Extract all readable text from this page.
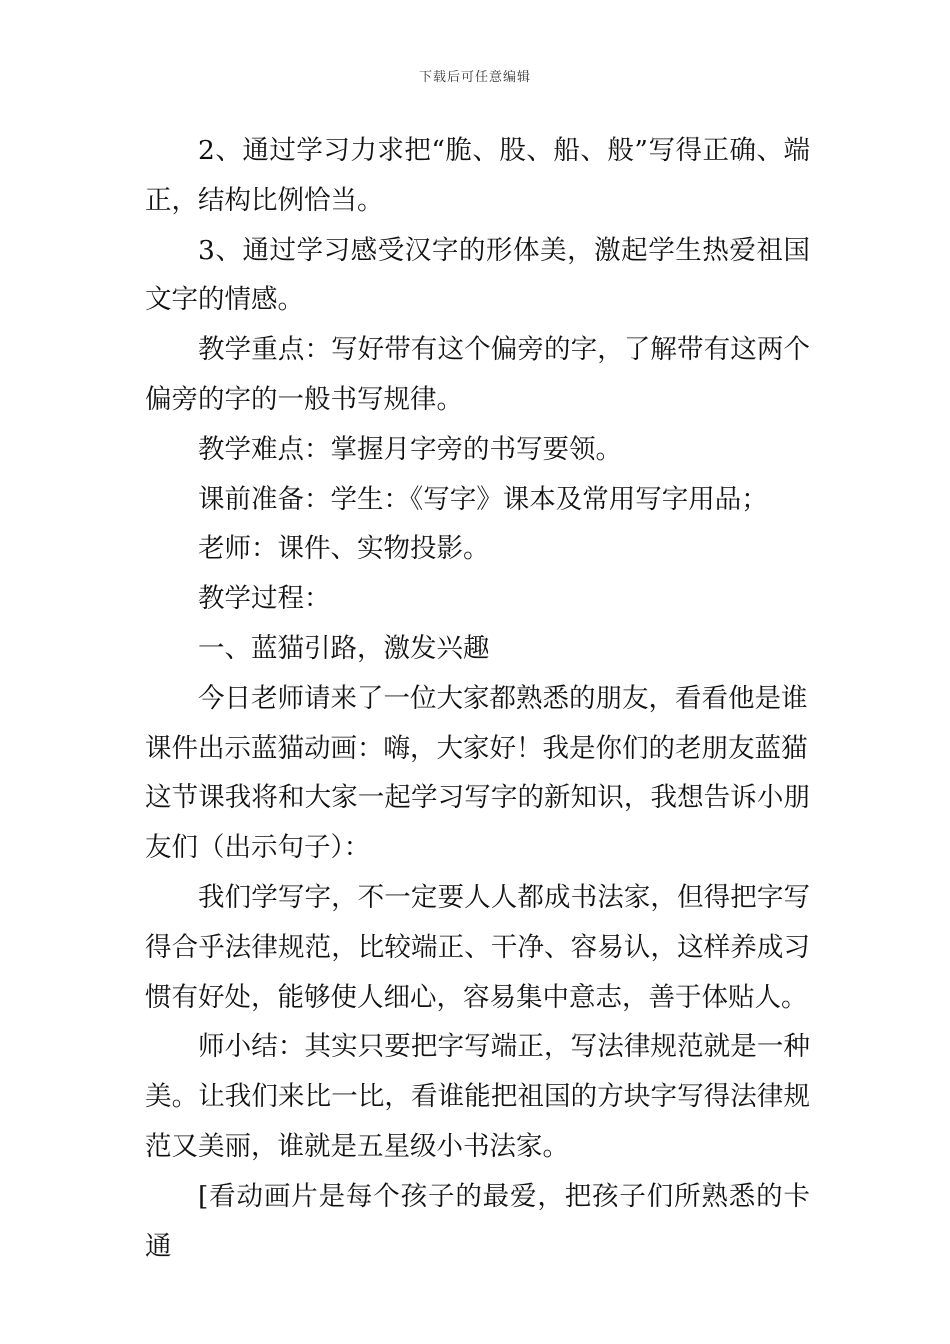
下载后可任意编辑

2、通过学习力求把“脆、股、船、般”写得正确、端正，结构比例恰当。

3、通过学习感受汉字的形体美，激起学生热爱祖国文字的情感。

教学重点：写好带有这个偏旁的字，了解带有这两个偏旁的字的一般书写规律。

教学难点：掌握月字旁的书写要领。

课前准备：学生：《写字》课本及常用写字用品；

老师：课件、实物投影。

教学过程：

一、蓝猫引路，激发兴趣

今日老师请来了一位大家都熟悉的朋友，看看他是谁

课件出示蓝猫动画：嗨，大家好！我是你们的老朋友蓝猫

这节课我将和大家一起学习写字的新知识，我想告诉小朋友们（出示句子）：

我们学写字，不一定要人人都成书法家，但得把字写得合乎法律规范，比较端正、干净、容易认，这样养成习惯有好处，能够使人细心，容易集中意志，善于体贴人。

师小结：其实只要把字写端正，写法律规范就是一种美。让我们来比一比，看谁能把祖国的方块字写得法律规范又美丽，谁就是五星级小书法家。

[看动画片是每个孩子的最爱，把孩子们所熟悉的卡通
